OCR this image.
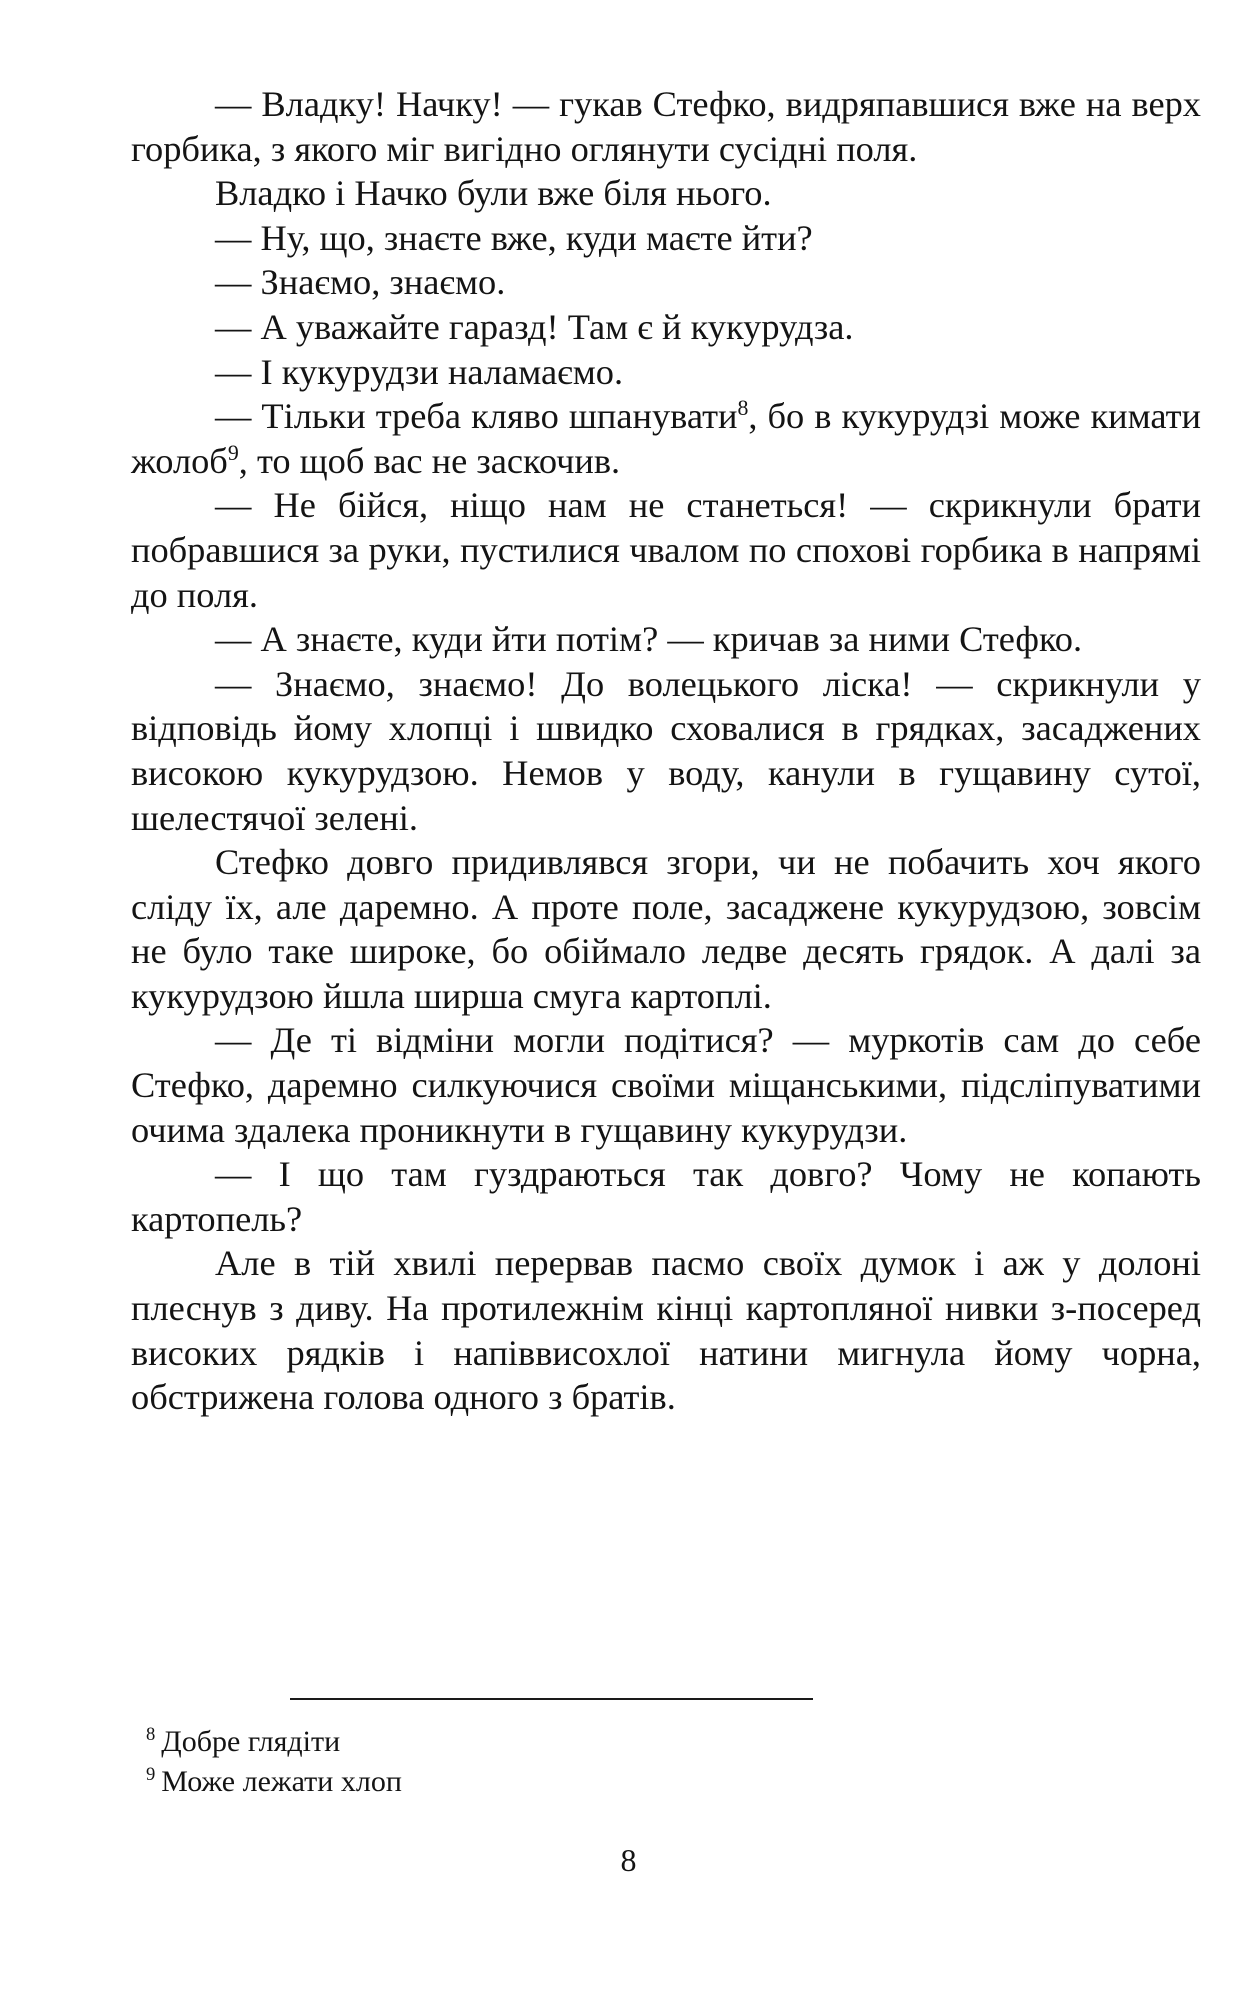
— Владку! Начку! — гукав Стефко, видряпавшися вже на верх горбика, з якого міг вигідно оглянути сусідні поля.

Владко і Начко були вже біля нього.

— Ну, що, знаєте вже, куди маєте йти?

— Знаємо, знаємо.

— А уважайте гаразд! Там є й кукурудза.

— І кукурудзи наламаємо.

— Тільки треба кляво шпанувати$^8$, бо в кукурудзі може кимати жолоб$^9$, то щоб вас не заскочив.

— Не бійся, ніщо нам не станеться! — скрикнули брати побравшися за руки, пустилися чвалом по спохові горбика в напрямі до поля.

— А знаєте, куди йти потім? — кричав за ними Стефко.

— Знаємо, знаємо! До волецького ліска! — скрикнули у відповідь йому хлопці і швидко сховалися в грядках, засаджених високою кукурудзою. Немов у воду, канули в гущавину сутої, шелестячої зелені.

Стефко довго придивлявся згори, чи не побачить хоч якого сліду їх, але даремно. А проте поле, засаджене кукурудзою, зовсім не було таке широке, бо обіймало ледве десять грядок. А далі за кукурудзою йшла ширша смуга картоплі.

— Де ті відміни могли подітися? — муркотів сам до себе Стефко, даремно силкуючися своїми міщанськими, підсліпуватими очима здалека проникнути в гущавину кукурудзи.

— І що там гуздраються так довго? Чому не копають картопель?

Але в тій хвилі перервав пасмо своїх думок і аж у долоні плеснув з диву. На протилежнім кінці картопляної нивки з-посеред високих рядків і напіввисохлої натини мигнула йому чорна, обстрижена голова одного з братів.

$^8$ Добре глядіти

$^9$ Може лежати хлоп

8
